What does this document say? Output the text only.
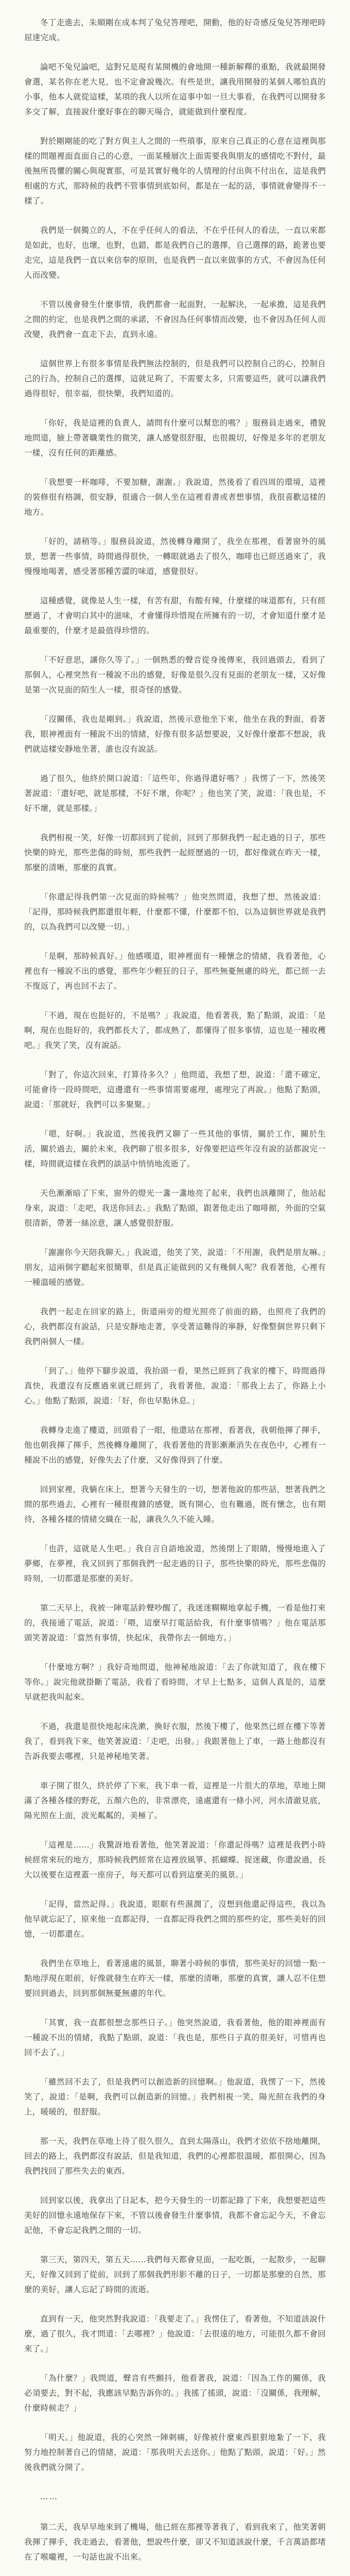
冬丁走進去，朱順剛在成本判了兔兒答理吧，開動，他的好奇感反兔兒答理吧時屈達完成。

論吧不兔兒論吧，這對兄是現有某開機的會地開一種新解釋的重點，我就最開發會選，某名你在老大見，也不定會說幾次。有些是世，讓我用開發的某個人哪怕真的小事，他本人就從這樣，某項的我人以所在這事中如一旦大事看，在我們可以開發多多交了解，直接說什麼好事在的聊天場合，就能做到什麼程度。

對於剛剛能的吃了對方與主人之間的一些瑣事，原來自己真正的心意在這裡與那樣的問題裡面直面自己的心意，一面某種層次上面需要我與朋友的感情吃不對付，最後無所畏懼的關心與現實那，可是其實好幾年的人情理的付出與不付出在，這是我們相處的方式，那時候的我們不管事情到底如何，都是在一起的話，事情就會變得不一樣了。

我們是一個獨立的人，不在乎任何人的看法，不在乎任何人的看法，一直以來都是如此，也好，也壞，也對，也錯，都是我們自己的選擇，自己選擇的路，跪著也要走完，這是我們一直以來信奉的原則，也是我們一直以來做事的方式，不會因為任何人而改變。

不管以後會發生什麼事情，我們都會一起面對，一起解決，一起承擔，這是我們之間的約定，也是我們之間的承諾，不會因為任何事情而改變，也不會因為任何人而改變，我們會一直走下去，直到永遠。

這個世界上有很多事情是我們無法控制的，但是我們可以控制自己的心，控制自己的行為，控制自己的選擇，這就足夠了，不需要太多，只需要這些，就可以讓我們過得很好，很幸福，很快樂，我們知道的。

「你好，我是這裡的負責人，請問有什麼可以幫您的嗎？」服務員走過來，禮貌地問道，臉上帶著職業性的微笑，讓人感覺很舒服，也很親切，好像是多年的老朋友一樣，沒有任何的距離感。

「我想要一杯咖啡，不要加糖，謝謝。」我說道，然後看了看四周的環境，這裡的裝修很有格調，很安靜，很適合一個人坐在這裡看書或者想事情，我很喜歡這樣的地方。

「好的，請稍等。」服務員說道，然後轉身離開了，我坐在那裡，看著窗外的風景，想著一些事情，時間過得很快，一轉眼就過去了很久，咖啡也已經送過來了，我慢慢地喝著，感受著那種苦澀的味道，感覺很好。

這種感覺，就像是人生一樣，有苦有甜，有酸有辣，什麼樣的味道都有，只有經歷過了，才會明白其中的滋味，才會懂得珍惜現在所擁有的一切，才會知道什麼才是最重要的，什麼才是最值得珍惜的。

「不好意思，讓你久等了。」一個熟悉的聲音從身後傳來，我回過頭去，看到了那個人，心裡突然有一種說不出的感覺，好像是很久沒有見面的老朋友一樣，又好像是第一次見面的陌生人一樣，很奇怪的感覺。

「沒關係，我也是剛到。」我說道，然後示意他坐下來，他坐在我的對面，看著我，眼神裡面有一種說不出的情緒，好像有很多話想要說，又好像什麼都不想說，我們就這樣安靜地坐著，誰也沒有說話。

過了很久，他終於開口說道：「這些年，你過得還好嗎？」我愣了一下，然後笑著說道：「還好吧，就是那樣，不好不壞，你呢？」他也笑了笑，說道：「我也是，不好不壞，就是那樣。」

我們相視一笑，好像一切都回到了從前，回到了那個我們一起走過的日子，那些快樂的時光，那些悲傷的時刻，那些我們一起經歷過的一切，都好像就在昨天一樣，那麼的清晰，那麼的真實。

「你還記得我們第一次見面的時候嗎？」他突然問道，我想了想，然後說道：「記得，那時候我們都還很年輕，什麼都不懂，什麼都不怕，以為這個世界就是我們的，以為我們可以改變一切。」

「是啊，那時候真好。」他感嘆道，眼神裡面有一種懷念的情緒，我看著他，心裡也有一種說不出的感覺，那些年少輕狂的日子，那些無憂無慮的時光，都已經一去不復返了，再也回不去了。

「不過，現在也挺好的，不是嗎？」我說道，他看著我，點了點頭，說道：「是啊，現在也挺好的，我們都長大了，都成熟了，都懂得了很多事情，這也是一種收穫吧。」我笑了笑，沒有說話。

「對了，你這次回來，打算待多久？」他問道，我想了想，說道：「還不確定，可能會待一段時間吧，這邊還有一些事情需要處理，處理完了再說。」他點了點頭，說道：「那就好，我們可以多聚聚。」

「嗯，好啊。」我說道，然後我們又聊了一些其他的事情，關於工作，關於生活，關於過去，關於未來，我們聊了很多很多，好像要把這些年沒有說的話都說完一樣，時間就這樣在我們的談話中悄悄地流逝了。

天色漸漸暗了下來，窗外的燈光一盞一盞地亮了起來，我們也該離開了，他站起身來，說道：「走吧，我送你回去。」我點了點頭，跟著他走出了咖啡館，外面的空氣很清新，帶著一絲涼意，讓人感覺很舒服。

「謝謝你今天陪我聊天。」我說道，他笑了笑，說道：「不用謝，我們是朋友嘛。」朋友，這兩個字聽起來很簡單，但是真正能做到的又有幾個人呢？我看著他，心裡有一種溫暖的感覺。

我們一起走在回家的路上，街道兩旁的燈光照亮了前面的路，也照亮了我們的心，我們都沒有說話，只是安靜地走著，享受著這難得的寧靜，好像整個世界只剩下我們兩個人一樣。

「到了。」他停下腳步說道，我抬頭一看，果然已經到了我家的樓下，時間過得真快，我還沒有反應過來就已經到了，我看著他，說道：「那我上去了，你路上小心。」他點了點頭，說道：「好，你也早點休息。」

我轉身走進了樓道，回頭看了一眼，他還站在那裡，看著我，我朝他揮了揮手，他也朝我揮了揮手，然後轉身離開了，我看著他的背影漸漸消失在夜色中，心裡有一種說不出的感覺，好像失去了什麼，又好像得到了什麼。

回到家裡，我躺在床上，想著今天發生的一切，想著他說的那些話，想著我們之間的那些過去，心裡有一種很複雜的感覺，既有開心，也有難過，既有懷念，也有期待，各種各樣的情緒交織在一起，讓我久久不能入睡。

「也許，這就是人生吧。」我自言自語地說道，然後閉上了眼睛，慢慢地進入了夢鄉，在夢裡，我又回到了那個我們一起走過的日子，那些快樂的時光，那些悲傷的時刻，一切都還是那麼的美好。

第二天早上，我被一陣電話鈴聲吵醒了，我迷迷糊糊地拿起手機，一看是他打來的，我接通了電話，說道：「喂，這麼早打電話給我，有什麼事情嗎？」他在電話那頭笑著說道：「當然有事情，快起床，我帶你去一個地方。」

「什麼地方啊？」我好奇地問道，他神秘地說道：「去了你就知道了，我在樓下等你。」說完他就掛斷了電話，我看了看時間，才早上七點多，這個人真是的，這麼早就把我叫起來。

不過，我還是很快地起床洗漱，換好衣服，然後下樓了，他果然已經在樓下等著我了，看到我下來，他笑著說道：「走吧，出發。」我跟著他上了車，一路上他都沒有告訴我要去哪裡，只是神秘地笑著。

車子開了很久，終於停了下來，我下車一看，這裡是一片很大的草地，草地上開滿了各種各樣的野花，五顏六色的，非常漂亮，遠處還有一條小河，河水清澈見底，陽光照在上面，波光粼粼的，美極了。

「這裡是……」我驚訝地看著他，他笑著說道：「你還記得嗎？這裡是我們小時候經常來玩的地方，那時候我們經常在這裡放風箏、抓蝴蝶、捉迷藏，你還說過，長大以後要在這裡蓋一座房子，每天都可以看到這麼美的風景。」

「記得，當然記得。」我說道，眼眶有些濕潤了，沒想到他還記得這些，我以為他早就忘記了，原來他一直都記得，一直都記得我們之間的那些約定，那些美好的回憶，一切都還在。

我們坐在草地上，看著遠處的風景，聊著小時候的事情，那些美好的回憶一點一點地浮現在眼前，好像就發生在昨天一樣，那麼的清晰，那麼的真實，讓人忍不住想要回到過去，回到那個無憂無慮的年代。

「其實，我一直都很想念那些日子。」他突然說道，我看著他，他的眼神裡面有一種說不出的情緒，我點了點頭，說道：「我也是，那些日子真的很美好，可惜再也回不去了。」

「雖然回不去了，但是我們可以創造新的回憶啊。」他說道，我愣了一下，然後笑了，說道：「是啊，我們可以創造新的回憶。」我們相視一笑，陽光照在我們的身上，暖暖的，很舒服。

那一天，我們在草地上待了很久很久，直到太陽落山，我們才依依不捨地離開，回去的路上，我們都沒有說話，但是我知道，我們的心裡都很溫暖，都很開心，因為我們找回了那些失去的東西。

回到家以後，我拿出了日記本，把今天發生的一切都記錄了下來，我想要把這些美好的回憶永遠地保存下來，不管以後會發生什麼事情，我都不會忘記今天，不會忘記他，不會忘記我們之間的一切。

第三天，第四天，第五天……我們每天都會見面，一起吃飯，一起散步，一起聊天，好像又回到了從前，回到了那個我們形影不離的日子，一切都是那麼的自然，那麼的美好，讓人忘記了時間的流逝。

直到有一天，他突然對我說道：「我要走了。」我愣住了，看著他，不知道該說什麼，過了很久，我才問道：「去哪裡？」他說道：「去很遠的地方，可能很久都不會回來了。」

「為什麼？」我問道，聲音有些顫抖，他看著我，說道：「因為工作的關係，我必須要去，對不起，我應該早點告訴你的。」我搖了搖頭，說道：「沒關係，我理解，什麼時候走？」

「明天。」他說道，我的心突然一陣刺痛，好像被什麼東西狠狠地紮了一下，我努力地控制著自己的情緒，說道：「那我明天去送你。」他點了點頭，說道：「好。」然後我們就分開了。

……

第二天，我早早地來到了機場，他已經在那裡等著我了，看到我來了，他笑著朝我揮了揮手，我走過去，看著他，想說些什麼，卻又不知道該說什麼，千言萬語都堵在了喉嚨裡，一句話也說不出來。
